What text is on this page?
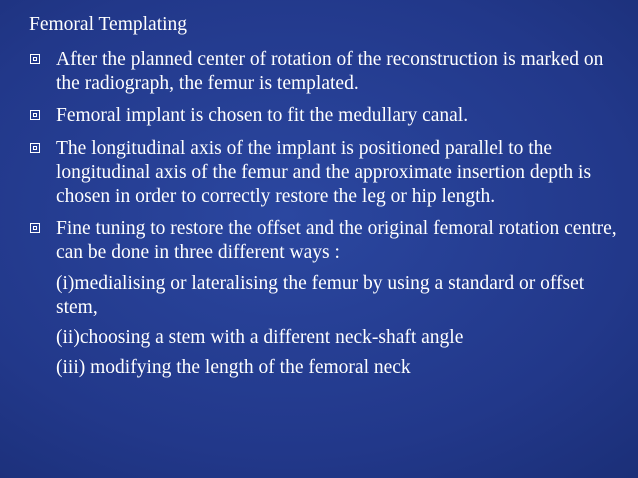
Femoral Templating
After the planned center of rotation of the reconstruction is marked on the radiograph, the femur is templated.
Femoral implant is chosen to fit the medullary canal.
The longitudinal axis of the implant is positioned parallel to the longitudinal axis of the femur and the approximate insertion depth is chosen in order to correctly restore the leg or hip length.
Fine tuning to restore the offset and the original femoral rotation centre, can be done in three different ways :
(i)medialising or lateralising the femur by using a standard or offset stem,
(ii)choosing a stem with a different neck-shaft angle
(iii) modifying the length of the femoral neck
